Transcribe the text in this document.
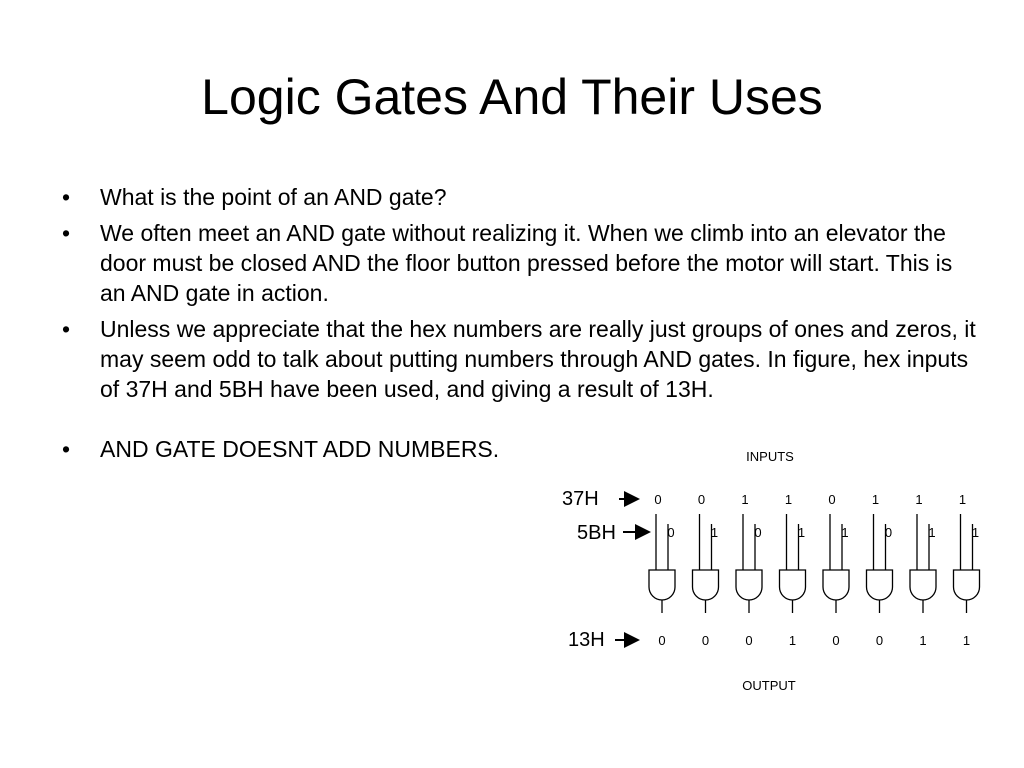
Logic Gates And Their Uses
• What is the point of an AND gate?
• We often meet an AND gate without realizing it. When we climb into an elevator the door must be closed AND the floor button pressed before the motor will start. This is an AND gate in action.
• Unless we appreciate that the hex numbers are really just groups of ones and zeros, it may seem odd to talk about putting numbers through AND gates. In figure, hex inputs of 37H and 5BH have been used, and giving a result of 13H.
• AND GATE DOESNT ADD NUMBERS.	INPUTS
37H
5BH
13H
0
0
0
0
1
0
1
0
0
1
1
1
0
1
0
1
0
0
1
1
1
1
1
1
OUTPUT
